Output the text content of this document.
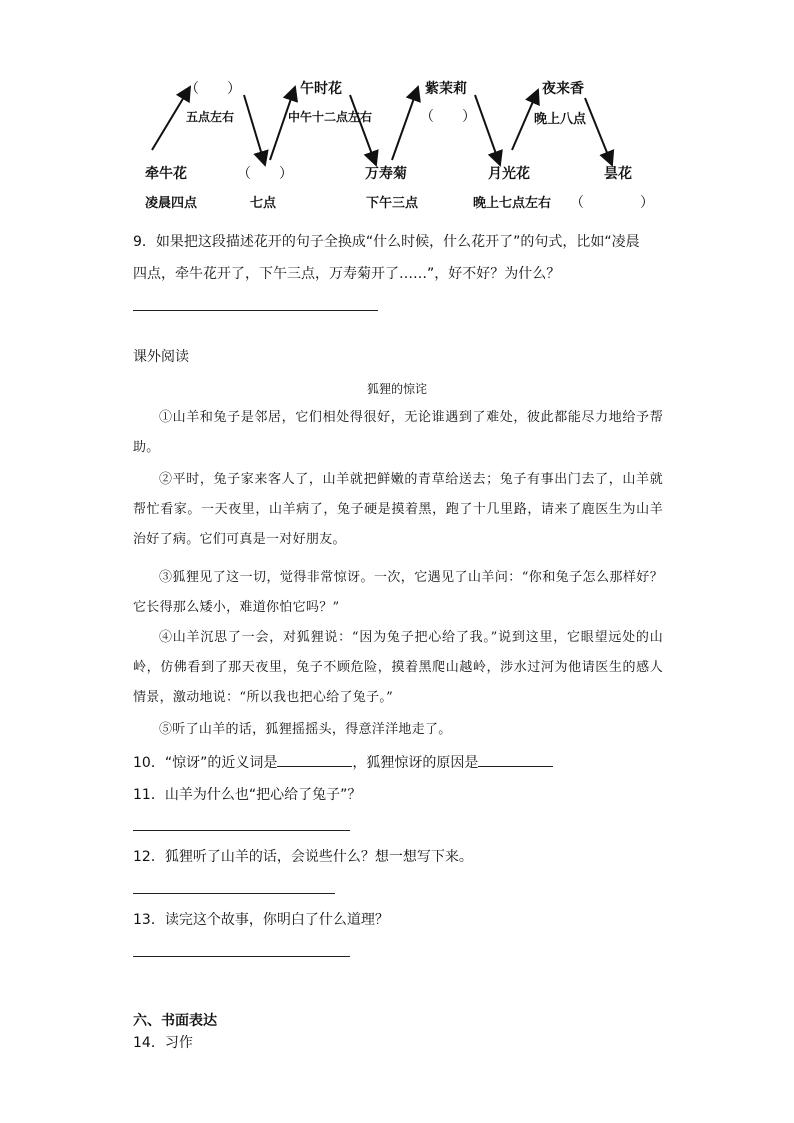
（　　）	午时花	紫茉莉	夜来香
五点左右	中午十二点左右	（　　）	晚上八点
牵牛花	（　　）	万寿菊	月光花	昙花
凌晨四点	七点	下午三点	晚上七点左右 （　　　　）
9．如果把这段描述花开的句子全换成“什么时候，什么花开了”的句式，比如“凌晨
四点，牵牛花开了，下午三点，万寿菊开了……”，好不好？为什么？
课外阅读
狐狸的惊诧
①山羊和兔子是邻居，它们相处得很好，无论谁遇到了难处，彼此都能尽力地给予帮助。
②平时，兔子家来客人了，山羊就把鲜嫩的青草给送去；兔子有事出门去了，山羊就帮忙看家。一天夜里，山羊病了，兔子硬是摸着黑，跑了十几里路，请来了鹿医生为山羊治好了病。它们可真是一对好朋友。
③狐狸见了这一切，觉得非常惊讶。一次，它遇见了山羊问：“你和兔子怎么那样好？它长得那么矮小，难道你怕它吗？”
④山羊沉思了一会，对狐狸说：“因为兔子把心给了我。”说到这里，它眼望远处的山岭，仿佛看到了那天夜里，兔子不顾危险，摸着黑爬山越岭，涉水过河为他请医生的感人情景，激动地说：“所以我也把心给了兔子。”
⑤听了山羊的话，狐狸摇摇头，得意洋洋地走了。
10．“惊讶”的近义词是	，狐狸惊讶的原因是
11．山羊为什么也“把心给了兔子”？
12．狐狸听了山羊的话，会说些什么？想一想写下来。
13．读完这个故事，你明白了什么道理？
六、书面表达
14．习作
